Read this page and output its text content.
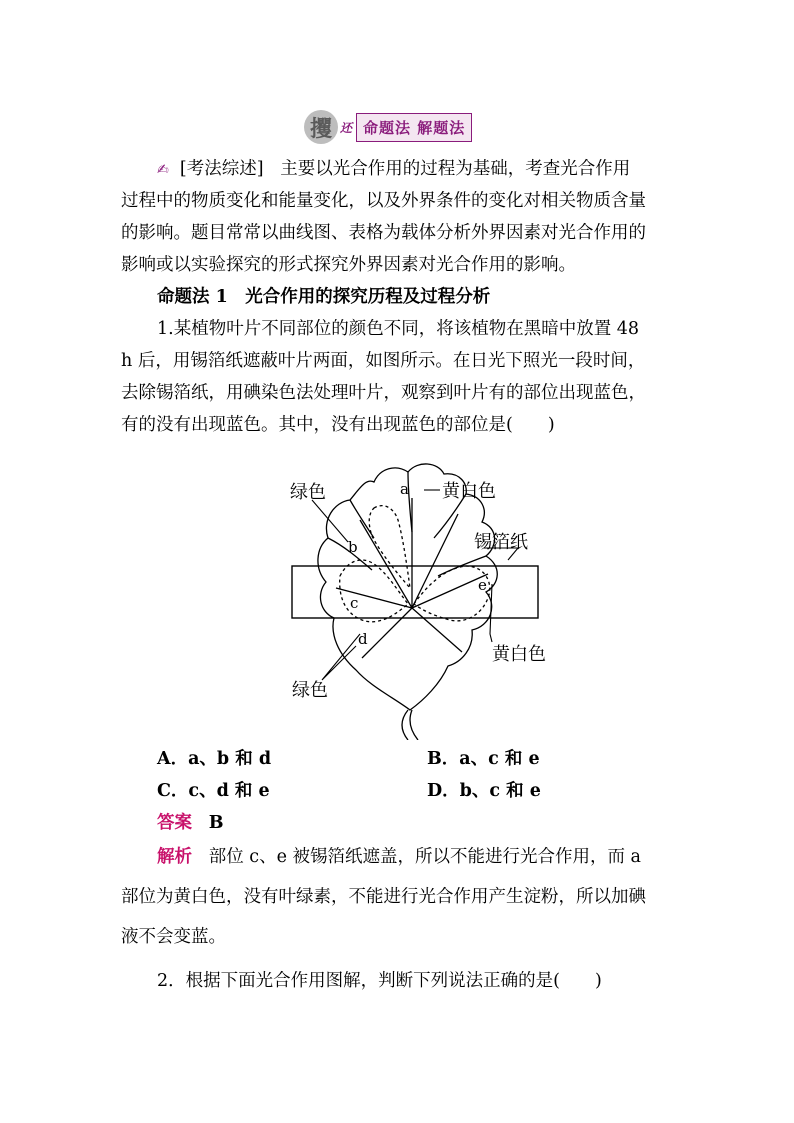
攫 还 命题法 解题法
✍ [考法综述] 主要以光合作用的过程为基础，考查光合作用
过程中的物质变化和能量变化，以及外界条件的变化对相关物质含量
的影响。题目常常以曲线图、表格为载体分析外界因素对光合作用的
影响或以实验探究的形式探究外界因素对光合作用的影响。
命题法 1　光合作用的探究历程及过程分析
1.某植物叶片不同部位的颜色不同，将该植物在黑暗中放置 48
h 后，用锡箔纸遮蔽叶片两面，如图所示。在日光下照光一段时间，
去除锡箔纸，用碘染色法处理叶片，观察到叶片有的部位出现蓝色，
有的没有出现蓝色。其中，没有出现蓝色的部位是(　　)
a
b
c
d
e
绿色	黄白色
锡箔纸
黄白色
绿色
A．a、b 和 d	B．a、c 和 e
C．c、d 和 e	D．b、c 和 e
答案 B
解析 部位 c、e 被锡箔纸遮盖，所以不能进行光合作用，而 a
部位为黄白色，没有叶绿素，不能进行光合作用产生淀粉，所以加碘
液不会变蓝。
2．根据下面光合作用图解，判断下列说法正确的是(　　)
